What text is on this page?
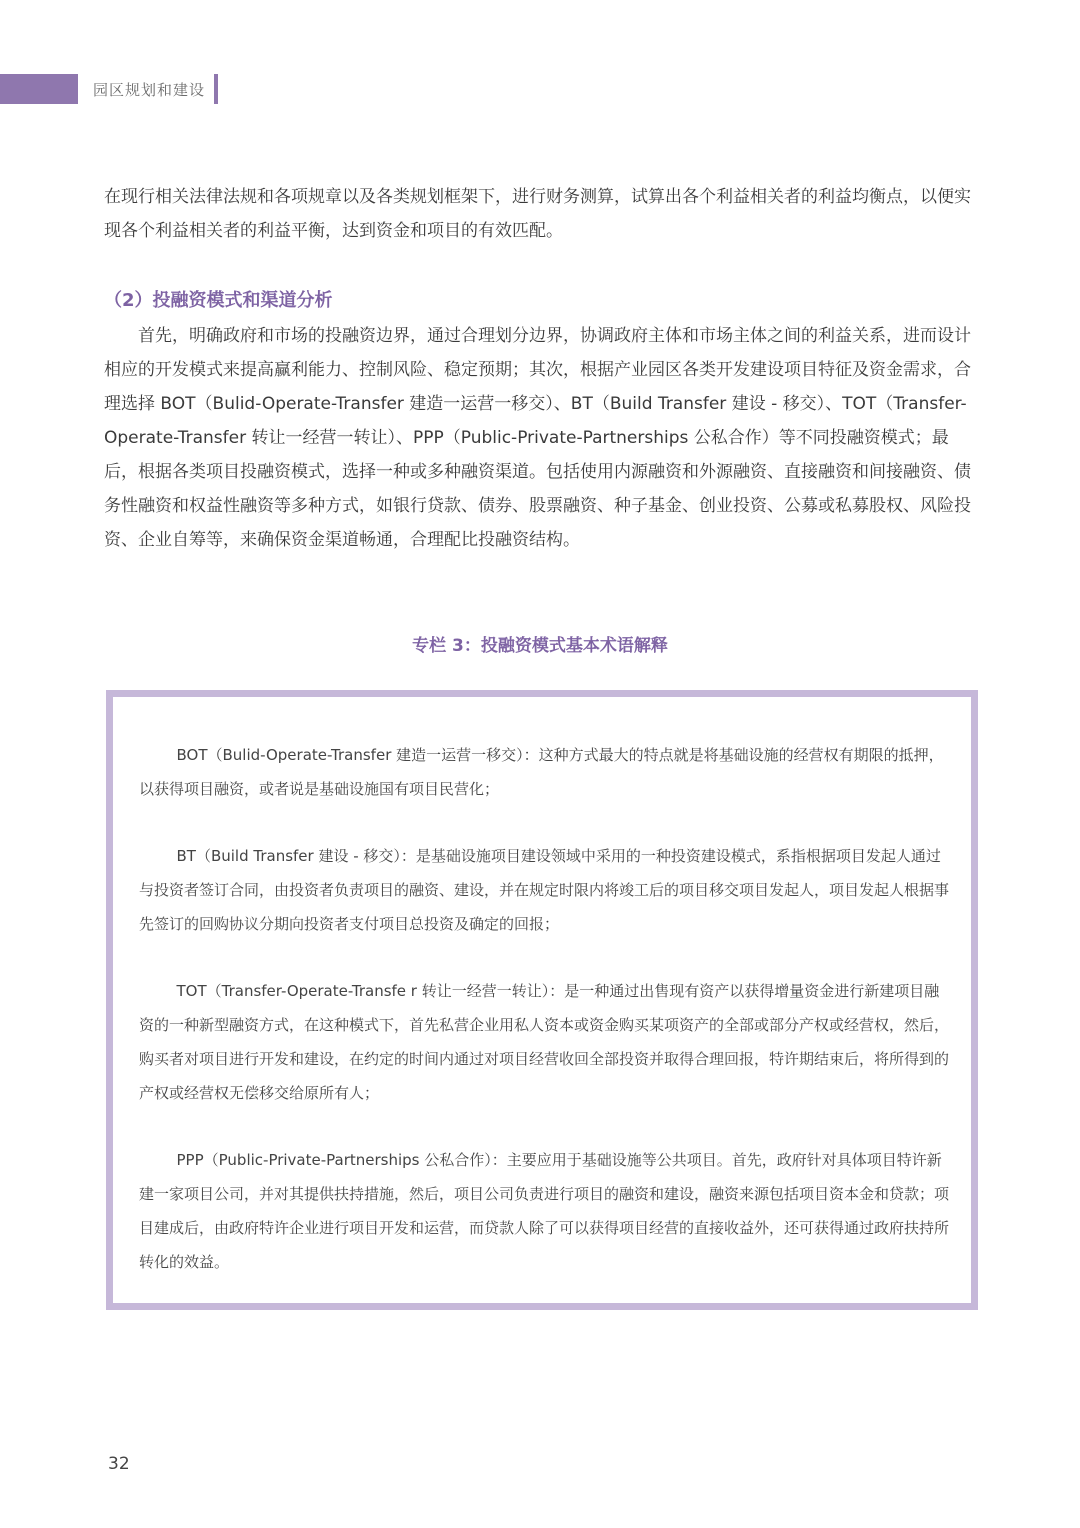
园区规划和建设

在现行相关法律法规和各项规章以及各类规划框架下，进行财务测算，试算出各个利益相关者的利益均衡点，以便实现各个利益相关者的利益平衡，达到资金和项目的有效匹配。

（2）投融资模式和渠道分析

首先，明确政府和市场的投融资边界，通过合理划分边界，协调政府主体和市场主体之间的利益关系，进而设计相应的开发模式来提高赢利能力、控制风险、稳定预期；其次，根据产业园区各类开发建设项目特征及资金需求，合理选择 BOT（Bulid-Operate-Transfer 建造一运营一移交）、BT（Build Transfer 建设 - 移交）、TOT（Transfer-Operate-Transfer 转让一经营一转让）、PPP（Public-Private-Partnerships 公私合作）等不同投融资模式；最后，根据各类项目投融资模式，选择一种或多种融资渠道。包括使用内源融资和外源融资、直接融资和间接融资、债务性融资和权益性融资等多种方式，如银行贷款、债券、股票融资、种子基金、创业投资、公募或私募股权、风险投资、企业自筹等，来确保资金渠道畅通，合理配比投融资结构。

专栏 3：投融资模式基本术语解释

BOT（Bulid-Operate-Transfer 建造一运营一移交）：这种方式最大的特点就是将基础设施的经营权有期限的抵押，以获得项目融资，或者说是基础设施国有项目民营化；

BT（Build Transfer 建设 - 移交）：是基础设施项目建设领域中采用的一种投资建设模式，系指根据项目发起人通过与投资者签订合同，由投资者负责项目的融资、建设，并在规定时限内将竣工后的项目移交项目发起人，项目发起人根据事先签订的回购协议分期向投资者支付项目总投资及确定的回报；

TOT（Transfer-Operate-Transfe r 转让一经营一转让）：是一种通过出售现有资产以获得增量资金进行新建项目融资的一种新型融资方式，在这种模式下，首先私营企业用私人资本或资金购买某项资产的全部或部分产权或经营权，然后，购买者对项目进行开发和建设，在约定的时间内通过对项目经营收回全部投资并取得合理回报，特许期结束后，将所得到的产权或经营权无偿移交给原所有人；

PPP（Public-Private-Partnerships 公私合作）：主要应用于基础设施等公共项目。首先，政府针对具体项目特许新建一家项目公司，并对其提供扶持措施，然后，项目公司负责进行项目的融资和建设，融资来源包括项目资本金和贷款；项目建成后，由政府特许企业进行项目开发和运营，而贷款人除了可以获得项目经营的直接收益外，还可获得通过政府扶持所转化的效益。

32
